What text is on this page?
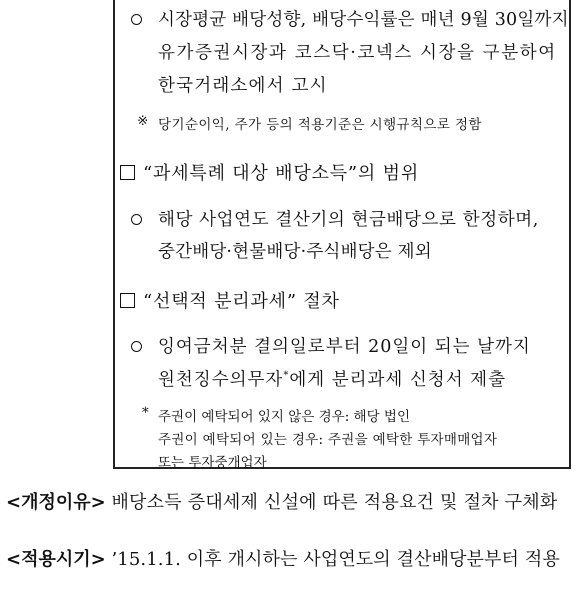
시장평균 배당성향, 배당수익률은 매년 9월 30일까지
유가증권시장과 코스닥·코넥스 시장을 구분하여
한국거래소에서 고시
※ 당기순이익, 주가 등의 적용기준은 시행규칙으로 정함
“과세특례 대상 배당소득”의 범위
해당 사업연도 결산기의 현금배당으로 한정하며,
중간배당·현물배당·주식배당은 제외
“선택적 분리과세” 절차
잉여금처분 결의일로부터 20일이 되는 날까지
원천징수의무자*에게 분리과세 신청서 제출
* 주권이 예탁되어 있지 않은 경우: 해당 법인
주권이 예탁되어 있는 경우: 주권을 예탁한 투자매매업자
또는 투자중개업자
<개정이유> 배당소득 증대세제 신설에 따른 적용요건 및 절차 구체화
<적용시기> ’15.1.1. 이후 개시하는 사업연도의 결산배당분부터 적용
